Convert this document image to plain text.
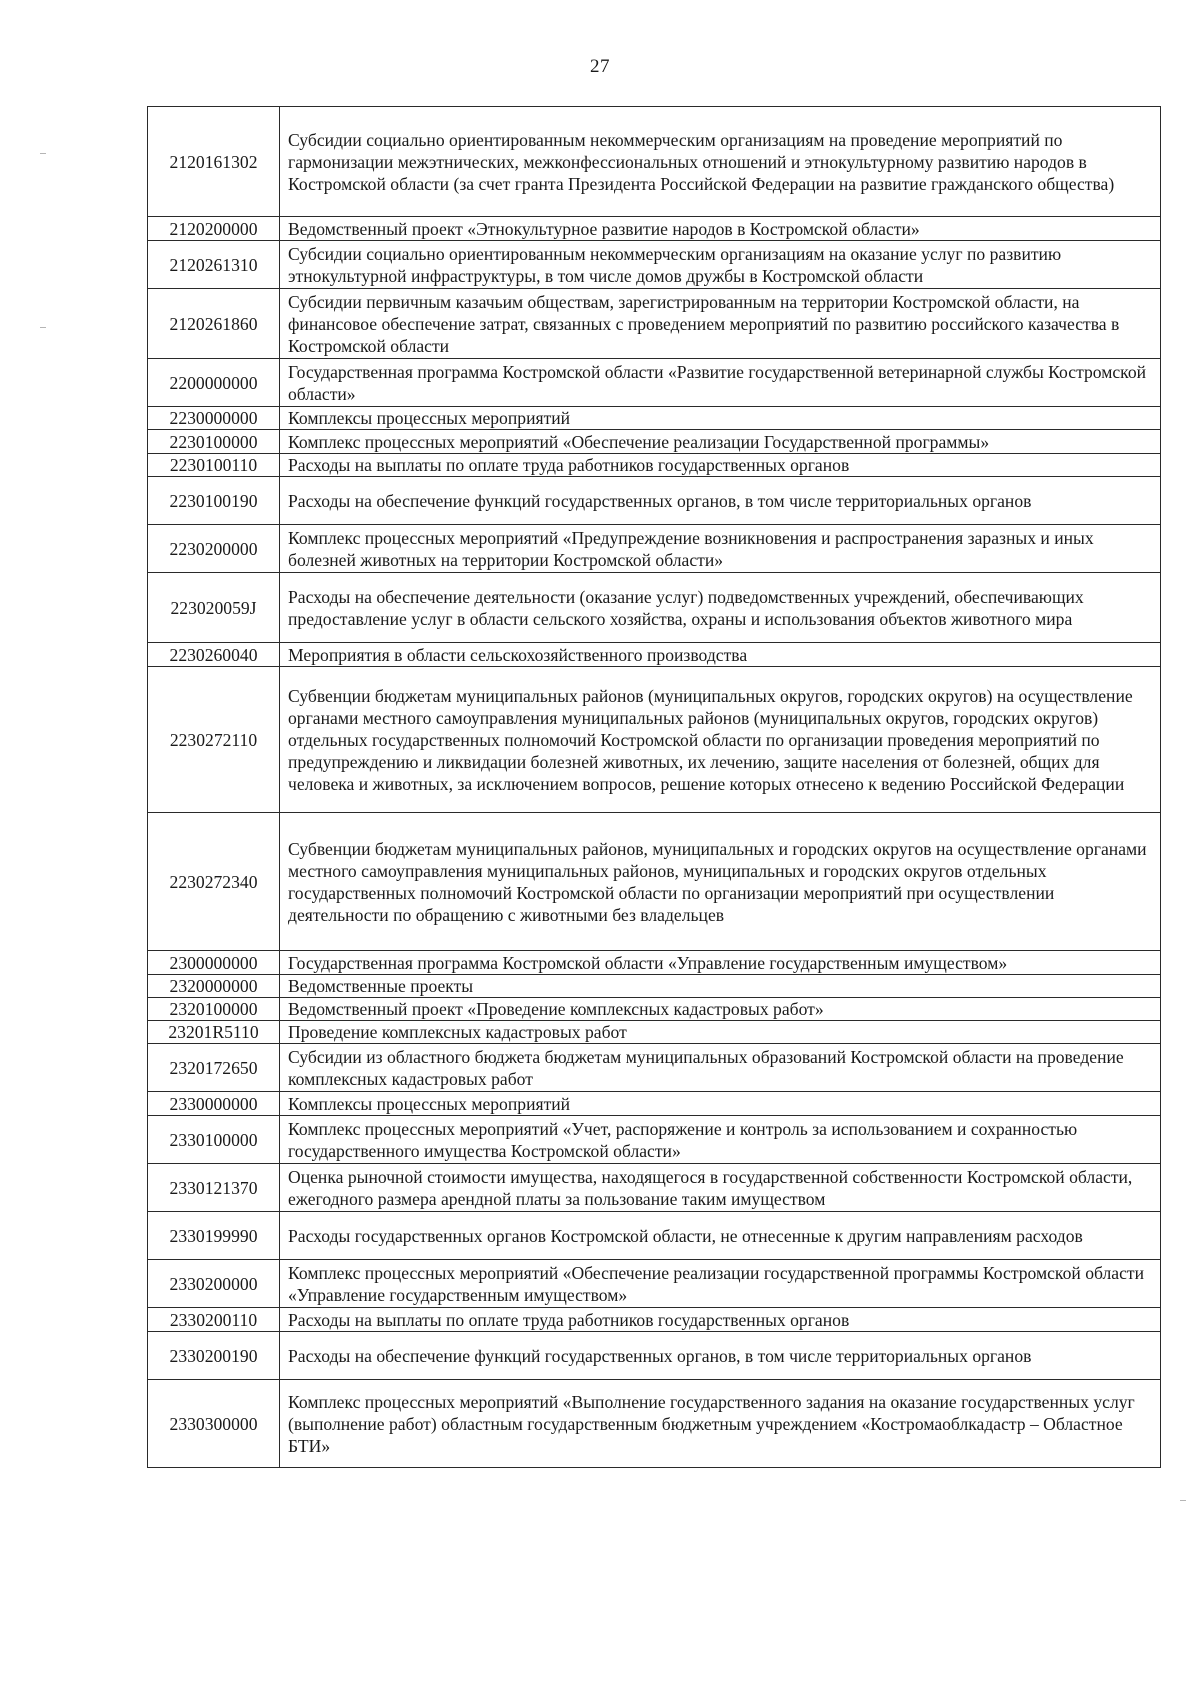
27
2120161302	Субсидии социально ориентированным некоммерческим организациям на проведение мероприятий по гармонизации межэтнических, межконфессиональных отношений и этнокультурному развитию народов в Костромской области (за счет гранта Президента Российской Федерации на развитие гражданского общества)
2120200000	Ведомственный проект «Этнокультурное развитие народов в Костромской области»
2120261310	Субсидии социально ориентированным некоммерческим организациям на оказание услуг по развитию этнокультурной инфраструктуры, в том числе домов дружбы в Костромской области
2120261860	Субсидии первичным казачьим обществам, зарегистрированным на территории Костромской области, на финансовое обеспечение затрат, связанных с проведением мероприятий по развитию российского казачества в Костромской области
2200000000	Государственная программа Костромской области «Развитие государственной ветеринарной службы Костромской области»
2230000000	Комплексы процессных мероприятий
2230100000	Комплекс процессных мероприятий «Обеспечение реализации Государственной программы»
2230100110	Расходы на выплаты по оплате труда работников государственных органов
2230100190	Расходы на обеспечение функций государственных органов, в том числе территориальных органов
2230200000	Комплекс процессных мероприятий «Предупреждение возникновения и распространения заразных и иных болезней животных на территории Костромской области»
223020059J	Расходы на обеспечение деятельности (оказание услуг) подведомственных учреждений, обеспечивающих предоставление услуг в области сельского хозяйства, охраны и использования объектов животного мира
2230260040	Мероприятия в области сельскохозяйственного производства
2230272110	Субвенции бюджетам муниципальных районов (муниципальных округов, городских округов) на осуществление органами местного самоуправления муниципальных районов (муниципальных округов, городских округов) отдельных государственных полномочий Костромской области по организации проведения мероприятий по предупреждению и ликвидации болезней животных, их лечению, защите населения от болезней, общих для человека и животных, за исключением вопросов, решение которых отнесено к ведению Российской Федерации
2230272340	Субвенции бюджетам муниципальных районов, муниципальных и городских округов на осуществление органами местного самоуправления муниципальных районов, муниципальных и городских округов отдельных государственных полномочий Костромской области по организации мероприятий при осуществлении деятельности по обращению с животными без владельцев
2300000000	Государственная программа Костромской области «Управление государственным имуществом»
2320000000	Ведомственные проекты
2320100000	Ведомственный проект «Проведение комплексных кадастровых работ»
23201R5110	Проведение комплексных кадастровых работ
2320172650	Субсидии из областного бюджета бюджетам муниципальных образований Костромской области на проведение комплексных кадастровых работ
2330000000	Комплексы процессных мероприятий
2330100000	Комплекс процессных мероприятий «Учет, распоряжение и контроль за использованием и сохранностью государственного имущества Костромской области»
2330121370	Оценка рыночной стоимости имущества, находящегося в государственной собственности Костромской области, ежегодного размера арендной платы за пользование таким имуществом
2330199990	Расходы государственных органов Костромской области, не отнесенные к другим направлениям расходов
2330200000	Комплекс процессных мероприятий «Обеспечение реализации государственной программы Костромской области «Управление государственным имуществом»
2330200110	Расходы на выплаты по оплате труда работников государственных органов
2330200190	Расходы на обеспечение функций государственных органов, в том числе территориальных органов
2330300000	Комплекс процессных мероприятий «Выполнение государственного задания на оказание государственных услуг (выполнение работ) областным государственным бюджетным учреждением «Костромаоблкадастр – Областное БТИ»
